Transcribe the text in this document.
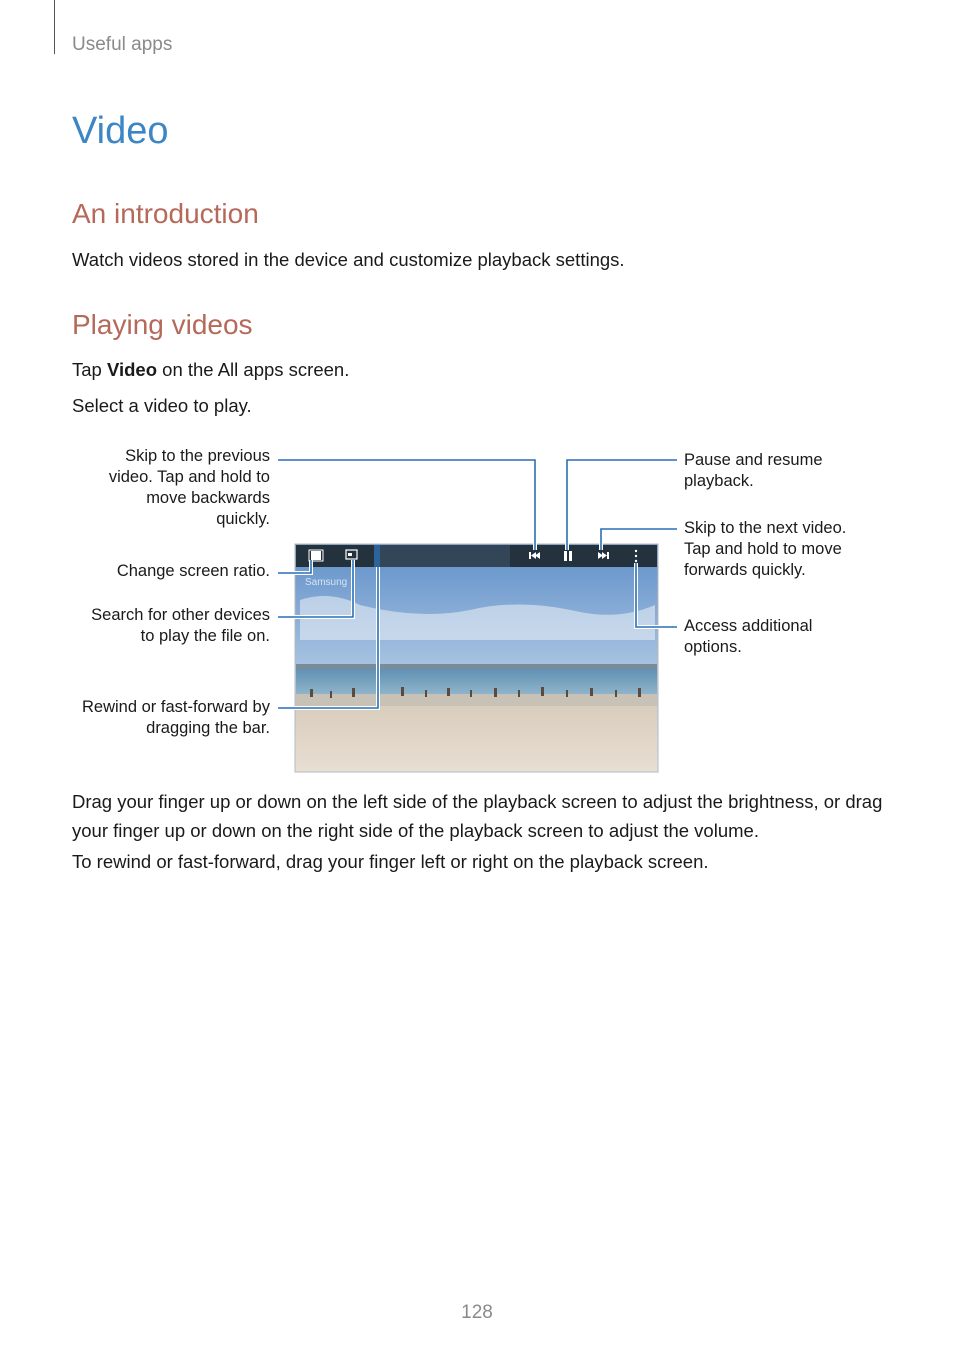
Useful apps
Video
An introduction
Watch videos stored in the device and customize playback settings.
Playing videos
Tap Video on the All apps screen.
Select a video to play.
Skip to the previous video. Tap and hold to move backwards quickly.
Change screen ratio.
Search for other devices to play the file on.
Rewind or fast-forward by dragging the bar.
Pause and resume playback.
Skip to the next video. Tap and hold to move forwards quickly.
Access additional options.
Samsung
Drag your finger up or down on the left side of the playback screen to adjust the brightness, or drag your finger up or down on the right side of the playback screen to adjust the volume.
To rewind or fast-forward, drag your finger left or right on the playback screen.
128
